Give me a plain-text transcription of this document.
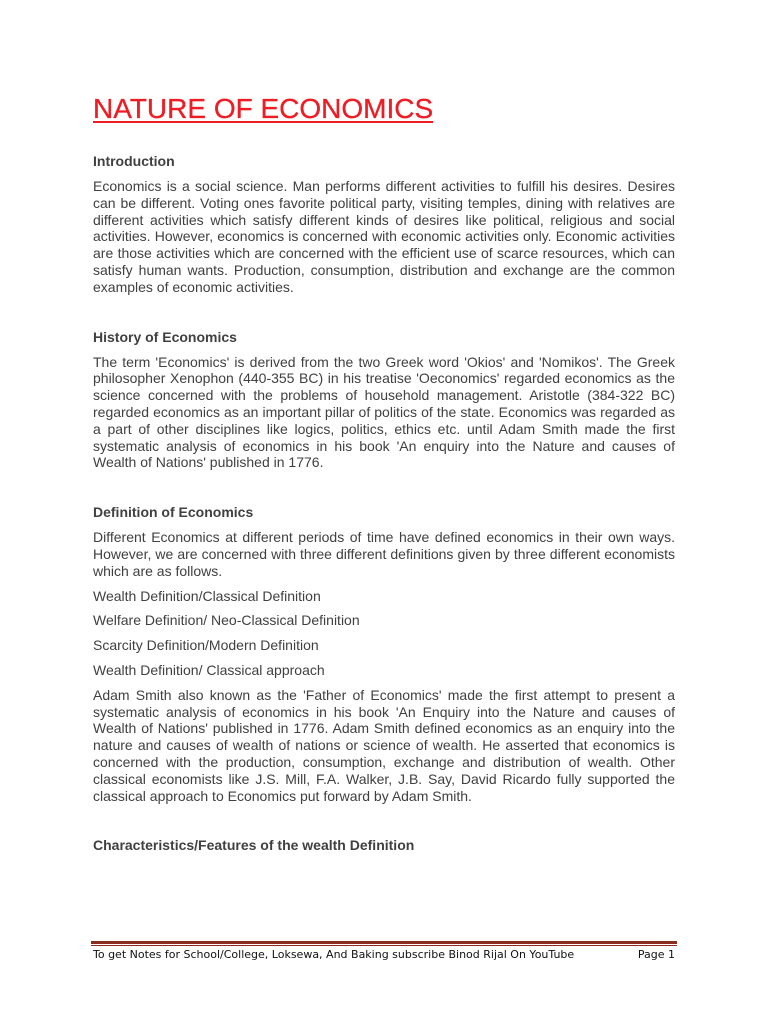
NATURE OF ECONOMICS

Introduction

Economics is a social science. Man performs different activities to fulfill his desires. Desires can be different. Voting ones favorite political party, visiting temples, dining with relatives are different activities which satisfy different kinds of desires like political, religious and social activities. However, economics is concerned with economic activities only. Economic activities are those activities which are concerned with the efficient use of scarce resources, which can satisfy human wants. Production, consumption, distribution and exchange are the common examples of economic activities.

History of Economics

The term 'Economics' is derived from the two Greek word 'Okios' and 'Nomikos'. The Greek philosopher Xenophon (440-355 BC) in his treatise 'Oeconomics' regarded economics as the science concerned with the problems of household management. Aristotle (384-322 BC) regarded economics as an important pillar of politics of the state. Economics was regarded as a part of other disciplines like logics, politics, ethics etc. until Adam Smith made the first systematic analysis of economics in his book 'An enquiry into the Nature and causes of Wealth of Nations' published in 1776.

Definition of Economics

Different Economics at different periods of time have defined economics in their own ways. However, we are concerned with three different definitions given by three different economists which are as follows.

Wealth Definition/Classical Definition

Welfare Definition/ Neo-Classical Definition

Scarcity Definition/Modern Definition

Wealth Definition/ Classical approach

Adam Smith also known as the 'Father of Economics' made the first attempt to present a systematic analysis of economics in his book 'An Enquiry into the Nature and causes of Wealth of Nations' published in 1776. Adam Smith defined economics as an enquiry into the nature and causes of wealth of nations or science of wealth. He asserted that economics is concerned with the production, consumption, exchange and distribution of wealth. Other classical economists like J.S. Mill, F.A. Walker, J.B. Say, David Ricardo fully supported the classical approach to Economics put forward by Adam Smith.

Characteristics/Features of the wealth Definition

To get Notes for School/College, Loksewa, And Baking subscribe Binod Rijal On YouTube	Page 1
